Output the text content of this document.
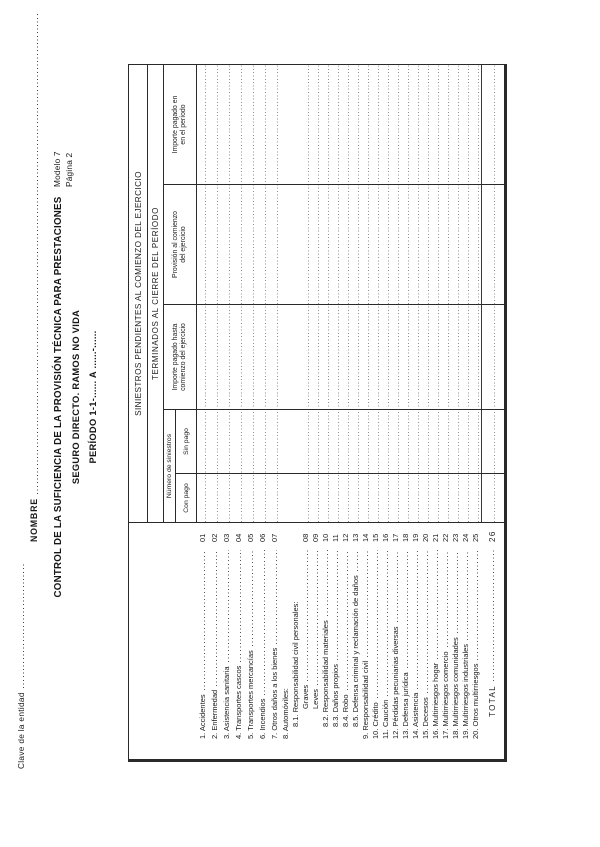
Clave de la entidad
NOMBRE
Modelo 7 Página 2
CONTROL DE LA SUFICIENCIA DE LA PROVISIÓN TÉCNICA PARA PRESTACIONES SEGURO DIRECTO. RAMOS NO VIDA PERÍODO 1-1-...... A ......-......
1. Accidentes
01
2. Enfermedad
02
3. Asistencia sanitaria
03
4. Transportes cascos
04
5. Transportes mercancías
05
6. Incendios
06
7. Otros daños a los bienes
07
8. Automóviles: 8.1. Responsabilidad civil personales: Graves
08
Leves
09
8.2. Responsabilidad materiales
10
8.3. Daños propios
11
8.4. Robo
12
8.5. Defensa criminal y reclamación de daños
13
9. Responsabilidad civil
14
10. Crédito
15
11. Caución
16
12. Pérdidas pecuniarias diversas
17
13. Defensa jurídica
18
14. Asistencia
19
15. Decesos
20
16. Multirriesgos hogar
21
17. Multirriesgos comercio
22
18. Multirriesgos comunidades
23
19. Multirriesgos industriales
24
20. Otros multirriesgos
25
TOTAL
26
SINIESTROS PENDIENTES AL COMIENZO DEL EJERCICIO	TERMINADOS AL CIERRE DEL PERÍODO
Número de siniestros	Con pago
Sin pago
Importe pagado hasta comienzo del ejercicio
Provisión al comienzo del ejercicio
Importe pagado en en el período
